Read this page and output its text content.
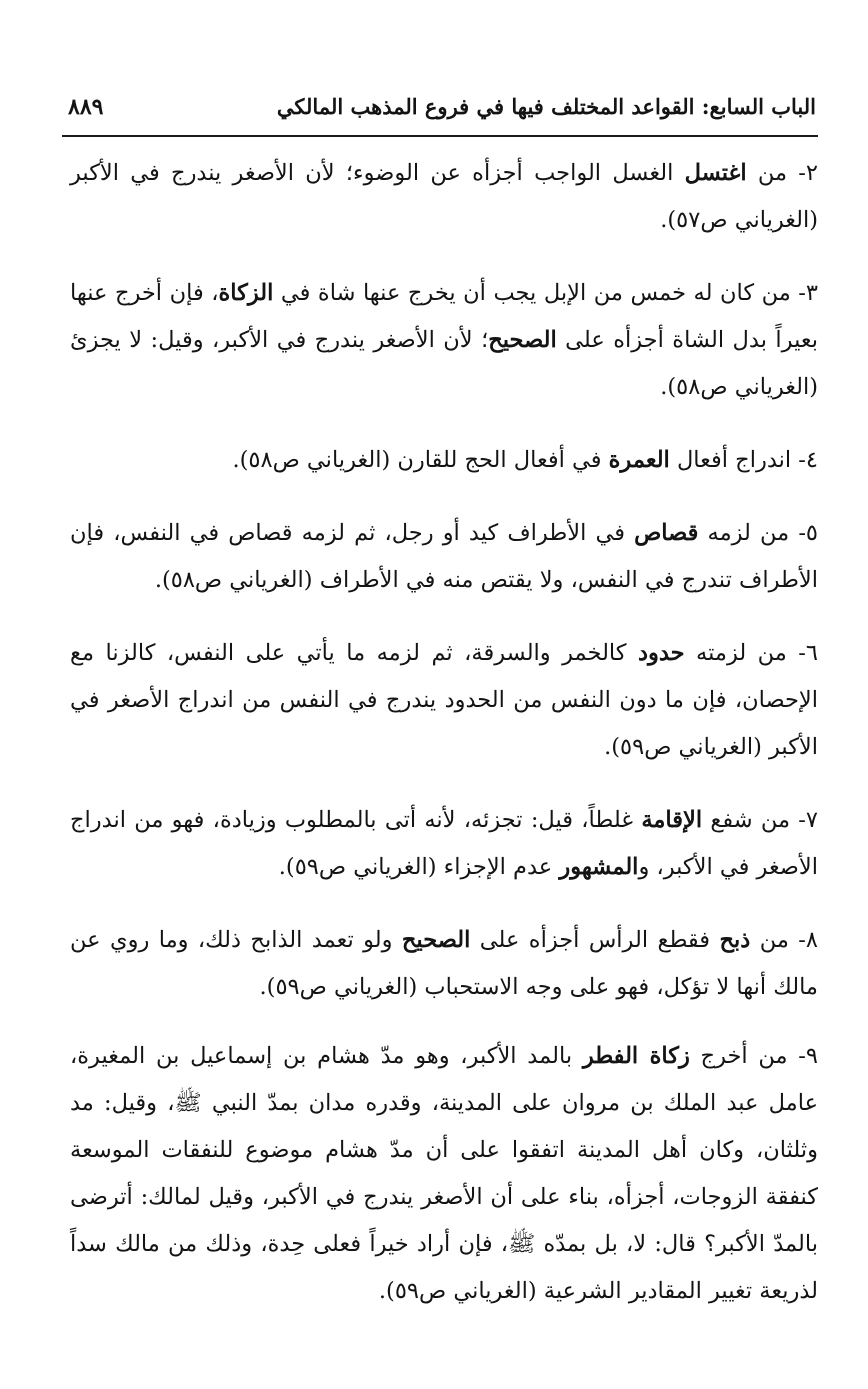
الباب السابع: القواعد المختلف فيها في فروع المذهب المالكي
٨٨٩

٢- من اغتسل الغسل الواجب أجزأه عن الوضوء؛ لأن الأصغر يندرج في الأكبر (الغرياني ص٥٧).

٣- من كان له خمس من الإبل يجب أن يخرج عنها شاة في الزكاة، فإن أخرج عنها بعيراً بدل الشاة أجزأه على الصحيح؛ لأن الأصغر يندرج في الأكبر، وقيل: لا يجزئ (الغرياني ص٥٨).

٤- اندراج أفعال العمرة في أفعال الحج للقارن (الغرياني ص٥٨).

٥- من لزمه قصاص في الأطراف كيد أو رجل، ثم لزمه قصاص في النفس، فإن الأطراف تندرج في النفس، ولا يقتص منه في الأطراف (الغرياني ص٥٨).

٦- من لزمته حدود كالخمر والسرقة، ثم لزمه ما يأتي على النفس، كالزنا مع الإحصان، فإن ما دون النفس من الحدود يندرج في النفس من اندراج الأصغر في الأكبر (الغرياني ص٥٩).

٧- من شفع الإقامة غلطاً، قيل: تجزئه، لأنه أتى بالمطلوب وزيادة، فهو من اندراج الأصغر في الأكبر، والمشهور عدم الإجزاء (الغرياني ص٥٩).

٨- من ذبح فقطع الرأس أجزأه على الصحيح ولو تعمد الذابح ذلك، وما روي عن مالك أنها لا تؤكل، فهو على وجه الاستحباب (الغرياني ص٥٩).

٩- من أخرج زكاة الفطر بالمد الأكبر، وهو مدّ هشام بن إسماعيل بن المغيرة، عامل عبد الملك بن مروان على المدينة، وقدره مدان بمدّ النبي ﷺ، وقيل: مد وثلثان، وكان أهل المدينة اتفقوا على أن مدّ هشام موضوع للنفقات الموسعة كنفقة الزوجات، أجزأه، بناء على أن الأصغر يندرج في الأكبر، وقيل لمالك: أترضى بالمدّ الأكبر؟ قال: لا، بل بمدّه ﷺ، فإن أراد خيراً فعلى حِدة، وذلك من مالك سداً لذريعة تغيير المقادير الشرعية (الغرياني ص٥٩).
